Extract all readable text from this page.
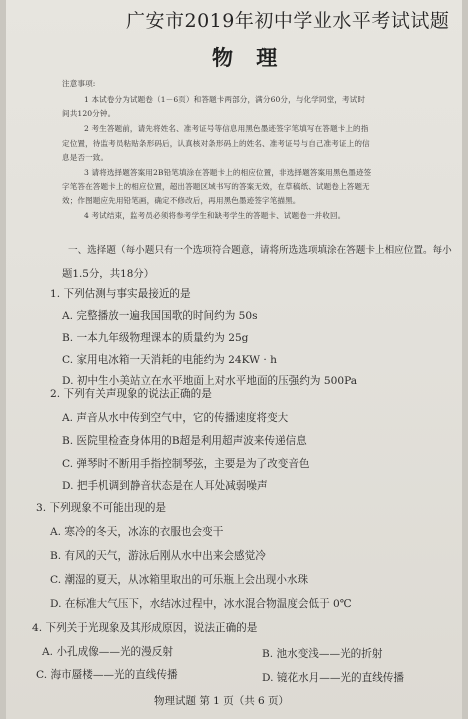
广安市2019年初中学业水平考试试题
物 理
注意事项:
1 本试卷分为试题卷（1－6页）和答题卡两部分，满分60分，与化学同堂，考试时
间共120分钟。
2 考生答题前，请先将姓名、准考证号等信息用黑色墨迹签字笔填写在答题卡上的指
定位置，待监考员粘贴条形码后，认真核对条形码上的姓名、准考证号与自己准考证上的信
息是否一致。
3 请将选择题答案用2B铅笔填涂在答题卡上的相应位置，非选择题答案用黑色墨迹签
字笔答在答题卡上的相应位置，超出答题区域书写的答案无效，在草稿纸、试题卷上答题无
效；作图题应先用铅笔画，确定不修改后，再用黑色墨迹签字笔描黑。
4 考试结束，监考员必须将参考学生和缺考学生的答题卡、试题卷一并收回。
一、选择题（每小题只有一个选项符合题意，请将所选选项填涂在答题卡上相应位置。每小
题1.5分，共18分）
1. 下列估测与事实最接近的是
A. 完整播放一遍我国国歌的时间约为 50s
B. 一本九年级物理课本的质量约为 25g
C. 家用电冰箱一天消耗的电能约为 24KW · h
D. 初中生小美站立在水平地面上对水平地面的压强约为 500Pa
2. 下列有关声现象的说法正确的是
A. 声音从水中传到空气中，它的传播速度将变大
B. 医院里检查身体用的B超是利用超声波来传递信息
C. 弹琴时不断用手指控制琴弦，主要是为了改变音色
D. 把手机调到静音状态是在人耳处减弱噪声
3. 下列现象不可能出现的是
A. 寒冷的冬天，冰冻的衣服也会变干
B. 有风的天气，游泳后刚从水中出来会感觉冷
C. 潮湿的夏天，从冰箱里取出的可乐瓶上会出现小水珠
D. 在标准大气压下，水结冰过程中，冰水混合物温度会低于 0℃
4. 下列关于光现象及其形成原因，说法正确的是
A. 小孔成像——光的漫反射	B. 池水变浅——光的折射
C. 海市蜃楼——光的直线传播	D. 镜花水月——光的直线传播
物理试题 第 1 页（共 6 页）
